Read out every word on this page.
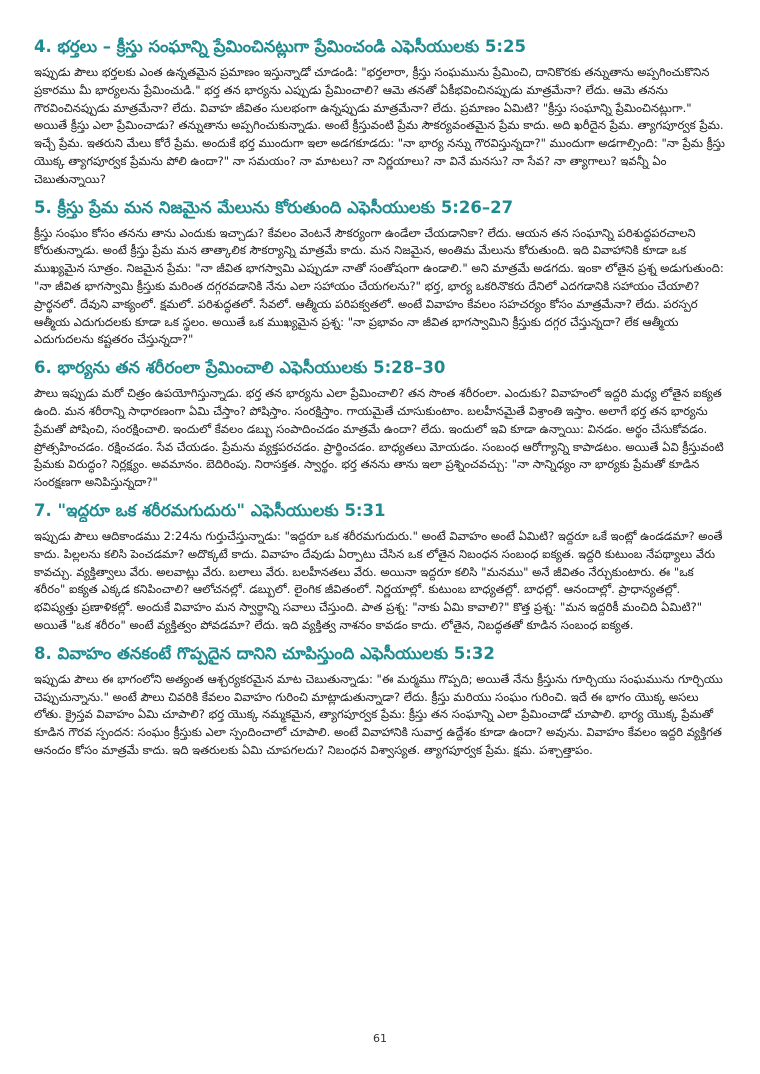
4. భర్తలు – క్రీస్తు సంఘాన్ని ప్రేమించినట్లుగా ప్రేమించండి ఎఫెసీయులకు 5:25

ఇప్పుడు పౌలు భర్తలకు ఎంత ఉన్నతమైన ప్రమాణం ఇస్తున్నాడో చూడండి: "భర్తలారా, క్రీస్తు సంఘమును ప్రేమించి, దానికొరకు తన్నుతాను అప్పగించుకొనిన ప్రకారము మీ భార్యలను ప్రేమించుడి." భర్త తన భార్యను ఎప్పుడు ప్రేమించాలి? ఆమె తనతో ఏకీభవించినప్పుడు మాత్రమేనా? లేదు. ఆమె తనను గౌరవించినప్పుడు మాత్రమేనా? లేదు. వివాహ జీవితం సులభంగా ఉన్నప్పుడు మాత్రమేనా? లేదు. ప్రమాణం ఏమిటి? "క్రీస్తు సంఘాన్ని ప్రేమించినట్లుగా." అయితే క్రీస్తు ఎలా ప్రేమించాడు? తన్నుతాను అప్పగించుకున్నాడు. అంటే క్రీస్తువంటి ప్రేమ సౌకర్యవంతమైన ప్రేమ కాదు. అది ఖరీదైన ప్రేమ. త్యాగపూర్వక ప్రేమ. ఇచ్చే ప్రేమ. ఇతరుని మేలు కోరే ప్రేమ. అందుకే భర్త ముందుగా ఇలా అడగకూడదు: "నా భార్య నన్ను గౌరవిస్తున్నదా?" ముందుగా అడగాల్సింది: "నా ప్రేమ క్రీస్తు యొక్క త్యాగపూర్వక ప్రేమను పోలి ఉందా?" నా సమయం? నా మాటలు? నా నిర్ణయాలు? నా వినే మనసు? నా సేవ? నా త్యాగాలు? ఇవన్నీ ఏం చెబుతున్నాయి?

5. క్రీస్తు ప్రేమ మన నిజమైన మేలును కోరుతుంది ఎఫెసీయులకు 5:26–27

క్రీస్తు సంఘం కోసం తనను తాను ఎందుకు ఇచ్చాడు? కేవలం వెంటనే సౌకర్యంగా ఉండేలా చేయడానికా? లేదు. ఆయన తన సంఘాన్ని పరిశుద్ధపరచాలని కోరుతున్నాడు. అంటే క్రీస్తు ప్రేమ మన తాత్కాలిక సౌకర్యాన్ని మాత్రమే కాదు. మన నిజమైన, అంతిమ మేలును కోరుతుంది. ఇది వివాహానికి కూడా ఒక ముఖ్యమైన సూత్రం. నిజమైన ప్రేమ: "నా జీవిత భాగస్వామి ఎప్పుడూ నాతో సంతోషంగా ఉండాలి." అని మాత్రమే అడగదు. ఇంకా లోతైన ప్రశ్న అడుగుతుంది: "నా జీవిత భాగస్వామి క్రీస్తుకు మరింత దగ్గరవడానికి నేను ఎలా సహాయం చేయగలను?" భర్త, భార్య ఒకరినొకరు దేనిలో ఎదగడానికి సహాయం చేయాలి? ప్రార్థనలో. దేవుని వాక్యంలో. క్షమలో. పరిశుద్ధతలో. సేవలో. ఆత్మీయ పరిపక్వతలో. అంటే వివాహం కేవలం సహచర్యం కోసం మాత్రమేనా? లేదు. పరస్పర ఆత్మీయ ఎదుగుదలకు కూడా ఒక స్థలం. అయితే ఒక ముఖ్యమైన ప్రశ్న: "నా ప్రభావం నా జీవిత భాగస్వామిని క్రీస్తుకు దగ్గర చేస్తున్నదా? లేక ఆత్మీయ ఎదుగుదలను కష్టతరం చేస్తున్నదా?"

6. భార్యను తన శరీరంలా ప్రేమించాలి ఎఫెసీయులకు 5:28–30

పౌలు ఇప్పుడు మరో చిత్రం ఉపయోగిస్తున్నాడు. భర్త తన భార్యను ఎలా ప్రేమించాలి? తన సొంత శరీరంలా. ఎందుకు? వివాహంలో ఇద్దరి మధ్య లోతైన ఐక్యత ఉంది. మన శరీరాన్ని సాధారణంగా ఏమి చేస్తాం? పోషిస్తాం. సంరక్షిస్తాం. గాయమైతే చూసుకుంటాం. బలహీనమైతే విశ్రాంతి ఇస్తాం. అలాగే భర్త తన భార్యను ప్రేమతో పోషించి, సంరక్షించాలి. ఇందులో కేవలం డబ్బు సంపాదించడం మాత్రమే ఉందా? లేదు. ఇందులో ఇవి కూడా ఉన్నాయి: వినడం. అర్థం చేసుకోవడం. ప్రోత్సహించడం. రక్షించడం. సేవ చేయడం. ప్రేమను వ్యక్తపరచడం. ప్రార్థించడం. బాధ్యతలు మోయడం. సంబంధ ఆరోగ్యాన్ని కాపాడటం. అయితే ఏవి క్రీస్తువంటి ప్రేమకు విరుద్ధం? నిర్లక్ష్యం. అవమానం. బెదిరింపు. నిరాసక్తత. స్వార్థం. భర్త తనను తాను ఇలా ప్రశ్నించవచ్చు: "నా సాన్నిధ్యం నా భార్యకు ప్రేమతో కూడిన సంరక్షణగా అనిపిస్తున్నదా?"

7. "ఇద్దరూ ఒక శరీరమగుదురు" ఎఫెసీయులకు 5:31

ఇప్పుడు పౌలు ఆదికాండము 2:24ను గుర్తుచేస్తున్నాడు: "ఇద్దరూ ఒక శరీరమగుదురు." అంటే వివాహం అంటే ఏమిటి? ఇద్దరూ ఒకే ఇంట్లో ఉండడమా? అంతే కాదు. పిల్లలను కలిసి పెంచడమా? అదొక్కటే కాదు. వివాహం దేవుడు ఏర్పాటు చేసిన ఒక లోతైన నిబంధన సంబంధ ఐక్యత. ఇద్దరి కుటుంబ నేపథ్యాలు వేరు కావచ్చు. వ్యక్తిత్వాలు వేరు. అలవాట్లు వేరు. బలాలు వేరు. బలహీనతలు వేరు. అయినా ఇద్దరూ కలిసి "మనము" అనే జీవితం నేర్చుకుంటారు. ఈ "ఒక శరీరం" ఐక్యత ఎక్కడ కనిపించాలి? ఆలోచనల్లో. డబ్బులో. లైంగిక జీవితంలో. నిర్ణయాల్లో. కుటుంబ బాధ్యతల్లో. బాధల్లో. ఆనందాల్లో. ప్రాధాన్యతల్లో. భవిష్యత్తు ప్రణాళికల్లో. అందుకే వివాహం మన స్వార్థాన్ని సవాలు చేస్తుంది. పాత ప్రశ్న: "నాకు ఏమి కావాలి?" కొత్త ప్రశ్న: "మన ఇద్దరికీ మంచిది ఏమిటి?" అయితే "ఒక శరీరం" అంటే వ్యక్తిత్వం పోవడమా? లేదు. ఇది వ్యక్తిత్వ నాశనం కావడం కాదు. లోతైన, నిబద్ధతతో కూడిన సంబంధ ఐక్యత.

8. వివాహం తనకంటే గొప్పదైన దానిని చూపిస్తుంది ఎఫెసీయులకు 5:32

ఇప్పుడు పౌలు ఈ భాగంలోని అత్యంత ఆశ్చర్యకరమైన మాట చెబుతున్నాడు: "ఈ మర్మము గొప్పది; అయితే నేను క్రీస్తును గూర్చియు సంఘమును గూర్చియు చెప్పుచున్నాను." అంటే పౌలు చివరికి కేవలం వివాహం గురించి మాట్లాడుతున్నాడా? లేదు. క్రీస్తు మరియు సంఘం గురించి. ఇదే ఈ భాగం యొక్క అసలు లోతు. క్రైస్తవ వివాహం ఏమి చూపాలి? భర్త యొక్క నమ్మకమైన, త్యాగపూర్వక ప్రేమ: క్రీస్తు తన సంఘాన్ని ఎలా ప్రేమించాడో చూపాలి. భార్య యొక్క ప్రేమతో కూడిన గౌరవ స్పందన: సంఘం క్రీస్తుకు ఎలా స్పందించాలో చూపాలి. అంటే వివాహానికి సువార్త ఉద్దేశం కూడా ఉందా? అవును. వివాహం కేవలం ఇద్దరి వ్యక్తిగత ఆనందం కోసం మాత్రమే కాదు. ఇది ఇతరులకు ఏమి చూపగలదు? నిబంధన విశ్వాస్యత. త్యాగపూర్వక ప్రేమ. క్షమ. పశ్చాత్తాపం.

61
